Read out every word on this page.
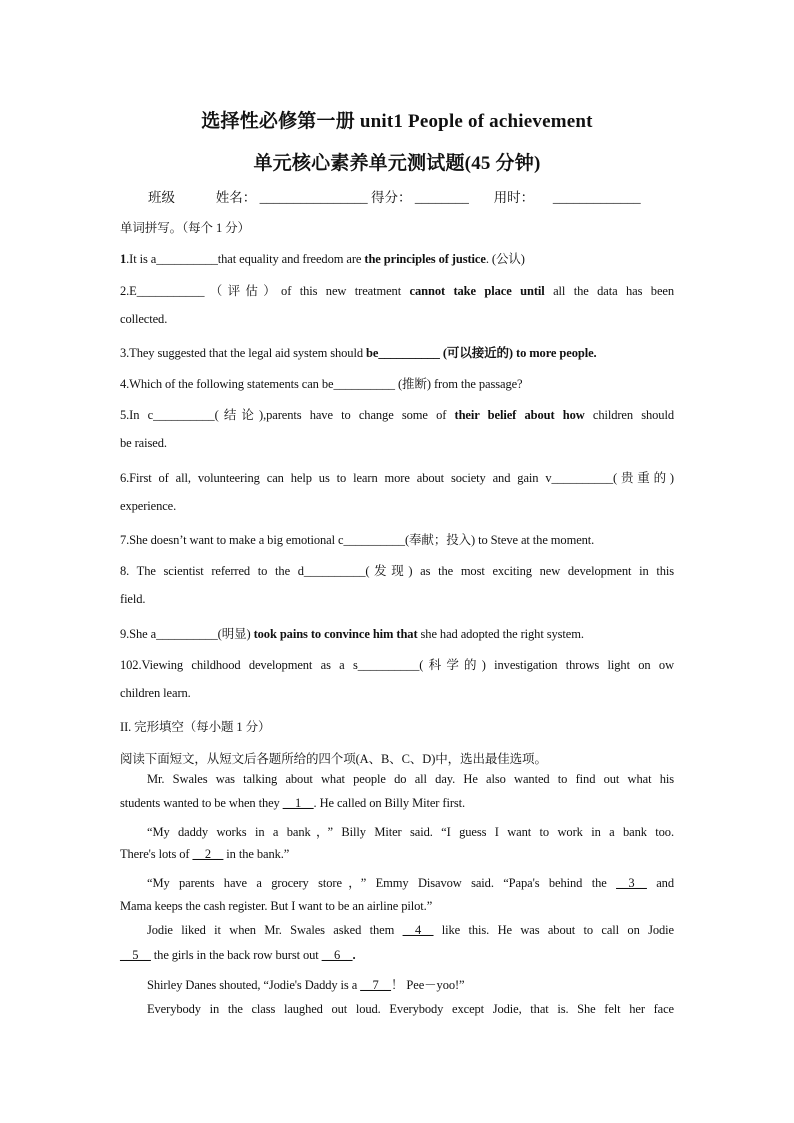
选择性必修第一册 unit1 People of achievement
单元核心素养单元测试题(45 分钟)
班级	姓名： ________________ 得分： ________ 用时： _____________
单词拼写。（每个 1 分）
1.It is a__________that equality and freedom are the principles of justice. (公认)
2.E___________（评估）of this new treatment cannot take place until all the data has been
collected.
3.They suggested that the legal aid system should be__________ (可以接近的) to more people.
4.Which of the following statements can be__________ (推断) from the passage?
5.In c__________(结论),parents have to change some of their belief about how children should
be raised.
6.First of all, volunteering can help us to learn more about society and gain v__________(贵重的)
experience.
7.She doesn’t want to make a big emotional c__________(奉献；投入) to Steve at the moment.
8. The scientist referred to the d__________(发现) as the most exciting new development in this
field.
9.She a__________(明显) took pains to convince him that she had adopted the right system.
102.Viewing childhood development as a s__________(科学的) investigation throws light on ow
children learn.
II. 完形填空（每小题 1 分）
阅读下面短文，从短文后各题所给的四个项(A、B、C、D)中，选出最佳选项。
Mr. Swales was talking about what people do all day. He also wanted to find out what his
students wanted to be when they __1__. He called on Billy Miter first.
“My daddy works in a bank，” Billy Miter said. “I guess I want to work in a bank too.
There's lots of __2__ in the bank.”
“My parents have a grocery store，” Emmy Disavow said. “Papa's behind the __3__ and
Mama keeps the cash register. But I want to be an airline pilot.”
Jodie liked it when Mr. Swales asked them __4__ like this. He was about to call on Jodie
__5__ the girls in the back row burst out __6__.
Shirley Danes shouted, “Jodie's Daddy is a __7__！ Pee－yoo!”
Everybody in the class laughed out loud. Everybody except Jodie, that is. She felt her face
